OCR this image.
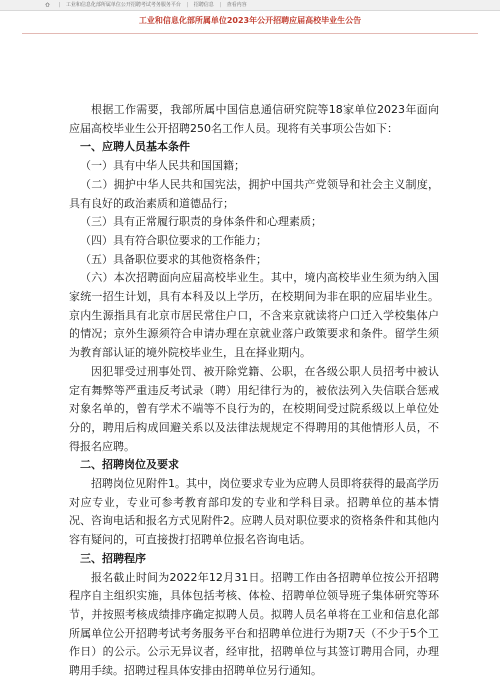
| 工业和信息化部所属单位公开招聘考试考务服务平台 | 招聘信息 | 查看内容
工业和信息化部所属单位2023年公开招聘应届高校毕业生公告

根据工作需要，我部所属中国信息通信研究院等18家单位2023年面向应届高校毕业生公开招聘250名工作人员。现将有关事项公告如下：

一、应聘人员基本条件

（一）具有中华人民共和国国籍；

（二）拥护中华人民共和国宪法，拥护中国共产党领导和社会主义制度，具有良好的政治素质和道德品行；

（三）具有正常履行职责的身体条件和心理素质；

（四）具有符合职位要求的工作能力；

（五）具备职位要求的其他资格条件；

（六）本次招聘面向应届高校毕业生。其中，境内高校毕业生须为纳入国家统一招生计划，具有本科及以上学历，在校期间为非在职的应届毕业生。京内生源指具有北京市居民常住户口，不含来京就读将户口迁入学校集体户的情况；京外生源须符合申请办理在京就业落户政策要求和条件。留学生须为教育部认证的境外院校毕业生，且在择业期内。

因犯罪受过刑事处罚、被开除党籍、公职，在各级公职人员招考中被认定有舞弊等严重违反考试录（聘）用纪律行为的，被依法列入失信联合惩戒对象名单的，曾有学术不端等不良行为的，在校期间受过院系级以上单位处分的，聘用后构成回避关系以及法律法规规定不得聘用的其他情形人员，不得报名应聘。

二、招聘岗位及要求

招聘岗位见附件1。其中，岗位要求专业为应聘人员即将获得的最高学历对应专业，专业可参考教育部印发的专业和学科目录。招聘单位的基本情况、咨询电话和报名方式见附件2。应聘人员对职位要求的资格条件和其他内容有疑问的，可直接拨打招聘单位报名咨询电话。

三、招聘程序

报名截止时间为2022年12月31日。招聘工作由各招聘单位按公开招聘程序自主组织实施，具体包括考核、体检、招聘单位领导班子集体研究等环节，并按照考核成绩排序确定拟聘人员。拟聘人员名单将在工业和信息化部所属单位公开招聘考试考务服务平台和招聘单位进行为期7天（不少于5个工作日）的公示。公示无异议者，经审批，招聘单位与其签订聘用合同，办理聘用手续。招聘过程具体安排由招聘单位另行通知。
